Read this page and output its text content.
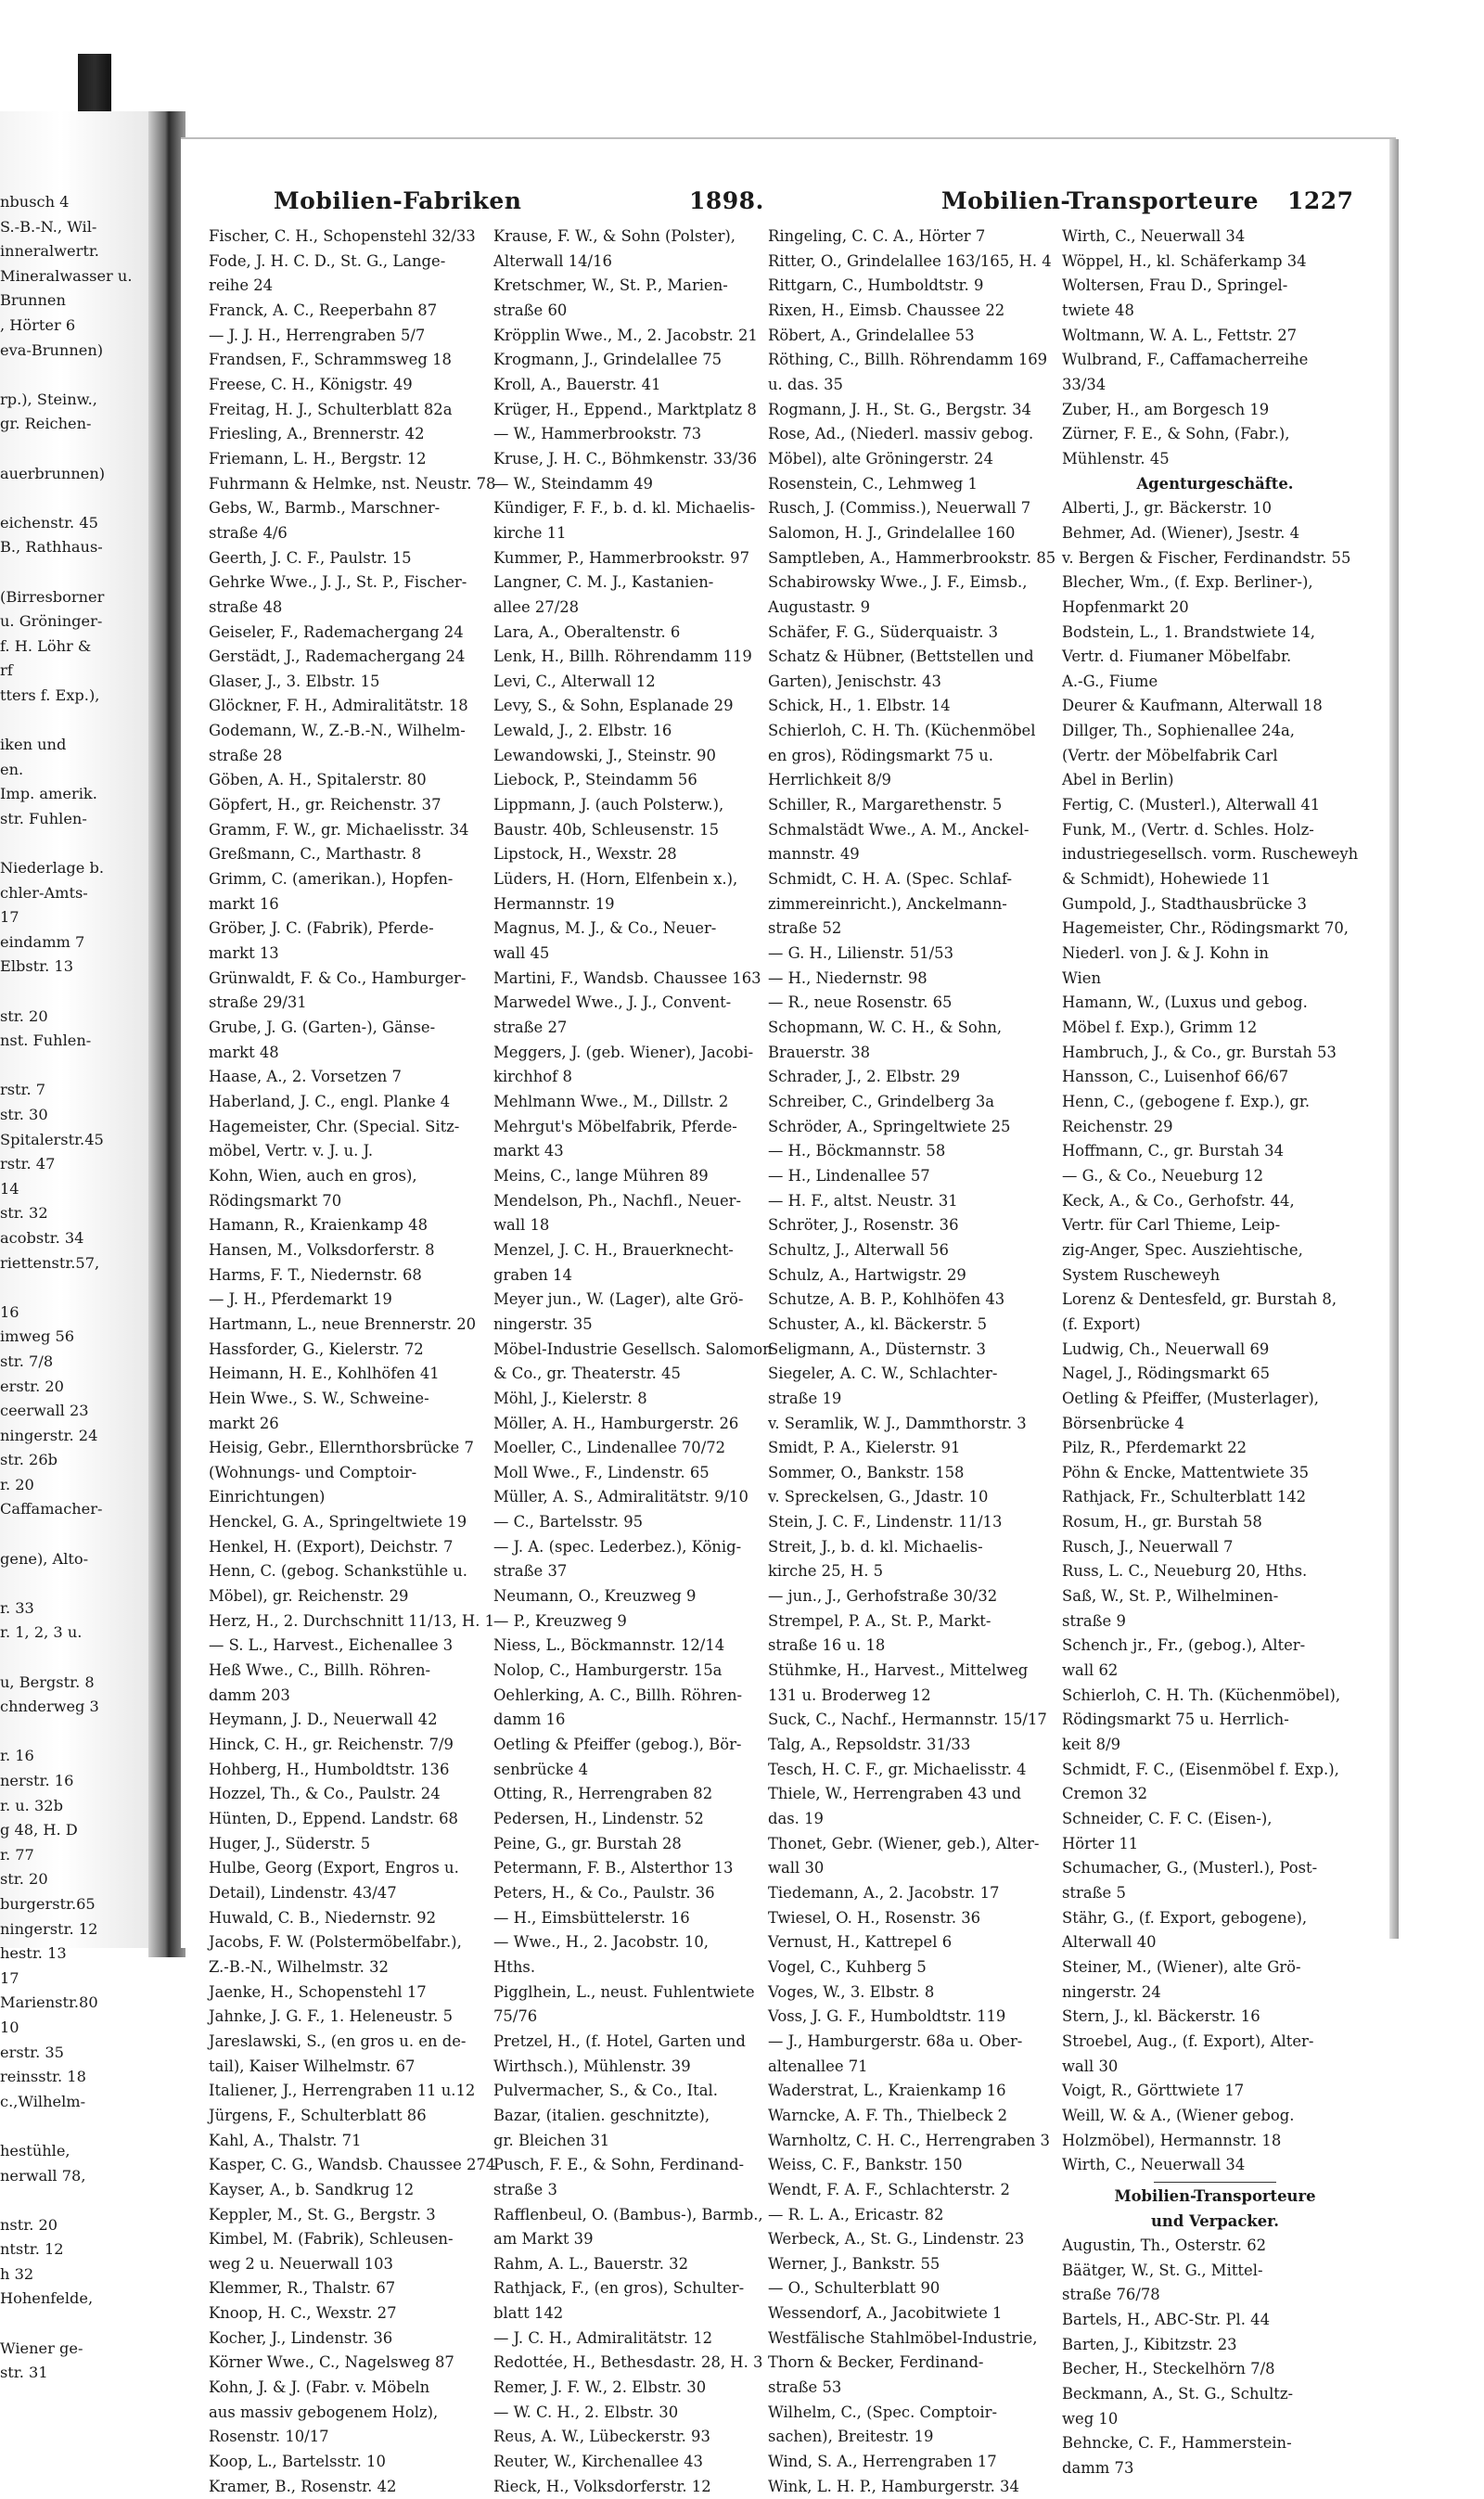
nbusch 4
S.-B.-N., Wil-
inneralwertr.
Mineralwasser u.
Brunnen
, Hörter 6
eva-Brunnen)

rp.), Steinw.,
gr. Reichen-

auerbrunnen)

eichenstr. 45
B., Rathhaus-

(Birresborner
u. Gröninger-
f. H. Löhr &
rf
tters f. Exp.),

iken und
en.
Imp. amerik.
str. Fuhlen-

Niederlage b.
chler-Amts-
17
eindamm 7
Elbstr. 13

str. 20
nst. Fuhlen-

rstr. 7
str. 30
Spitalerstr.45
rstr. 47
14
str. 32
acobstr. 34
riettenstr.57,

16
imweg 56
str. 7/8
erstr. 20
ceerwall 23
ningerstr. 24
str. 26b
r. 20
Caffamacher-

gene), Alto-

r. 33
r. 1, 2, 3 u.

u, Bergstr. 8
chnderweg 3

r. 16
nerstr. 16
r. u. 32b
g 48, H. D
r. 77
str. 20
burgerstr.65
ningerstr. 12
hestr. 13
17
Marienstr.80
10
erstr. 35
reinsstr. 18
c.,Wilhelm-

hestühle,
nerwall 78,

nstr. 20
ntstr. 12
h 32
Hohenfelde,

Wiener ge-
str. 31
Mobilien-Fabriken	1898.	Mobilien-Transporteure 1227
Fischer, C. H., Schopenstehl 32/33
Fode, J. H. C. D., St. G., Lange-
reihe 24
Franck, A. C., Reeperbahn 87
— J. J. H., Herrengraben 5/7
Frandsen, F., Schrammsweg 18
Freese, C. H., Königstr. 49
Freitag, H. J., Schulterblatt 82a
Friesling, A., Brennerstr. 42
Friemann, L. H., Bergstr. 12
Fuhrmann & Helmke, nst. Neustr. 78
Gebs, W., Barmb., Marschner-
straße 4/6
Geerth, J. C. F., Paulstr. 15
Gehrke Wwe., J. J., St. P., Fischer-
straße 48
Geiseler, F., Rademachergang 24
Gerstädt, J., Rademachergang 24
Glaser, J., 3. Elbstr. 15
Glöckner, F. H., Admiralitätstr. 18
Godemann, W., Z.-B.-N., Wilhelm-
straße 28
Göben, A. H., Spitalerstr. 80
Göpfert, H., gr. Reichenstr. 37
Gramm, F. W., gr. Michaelisstr. 34
Greßmann, C., Marthastr. 8
Grimm, C. (amerikan.), Hopfen-
markt 16
Gröber, J. C. (Fabrik), Pferde-
markt 13
Grünwaldt, F. & Co., Hamburger-
straße 29/31
Grube, J. G. (Garten-), Gänse-
markt 48
Haase, A., 2. Vorsetzen 7
Haberland, J. C., engl. Planke 4
Hagemeister, Chr. (Special. Sitz-
möbel, Vertr. v. J. u. J.
Kohn, Wien, auch en gros),
Rödingsmarkt 70
Hamann, R., Kraienkamp 48
Hansen, M., Volksdorferstr. 8
Harms, F. T., Niedernstr. 68
— J. H., Pferdemarkt 19
Hartmann, L., neue Brennerstr. 20
Hassforder, G., Kielerstr. 72
Heimann, H. E., Kohlhöfen 41
Hein Wwe., S. W., Schweine-
markt 26
Heisig, Gebr., Ellernthorsbrücke 7
(Wohnungs- und Comptoir-
Einrichtungen)
Henckel, G. A., Springeltwiete 19
Henkel, H. (Export), Deichstr. 7
Henn, C. (gebog. Schankstühle u.
Möbel), gr. Reichenstr. 29
Herz, H., 2. Durchschnitt 11/13, H. 1
— S. L., Harvest., Eichenallee 3
Heß Wwe., C., Billh. Röhren-
damm 203
Heymann, J. D., Neuerwall 42
Hinck, C. H., gr. Reichenstr. 7/9
Hohberg, H., Humboldtstr. 136
Hozzel, Th., & Co., Paulstr. 24
Hünten, D., Eppend. Landstr. 68
Huger, J., Süderstr. 5
Hulbe, Georg (Export, Engros u.
Detail), Lindenstr. 43/47
Huwald, C. B., Niedernstr. 92
Jacobs, F. W. (Polstermöbelfabr.),
Z.-B.-N., Wilhelmstr. 32
Jaenke, H., Schopenstehl 17
Jahnke, J. G. F., 1. Heleneustr. 5
Jareslawski, S., (en gros u. en de-
tail), Kaiser Wilhelmstr. 67
Italiener, J., Herrengraben 11 u.12
Jürgens, F., Schulterblatt 86
Kahl, A., Thalstr. 71
Kasper, C. G., Wandsb. Chaussee 274
Kayser, A., b. Sandkrug 12
Keppler, M., St. G., Bergstr. 3
Kimbel, M. (Fabrik), Schleusen-
weg 2 u. Neuerwall 103
Klemmer, R., Thalstr. 67
Knoop, H. C., Wexstr. 27
Kocher, J., Lindenstr. 36
Körner Wwe., C., Nagelsweg 87
Kohn, J. & J. (Fabr. v. Möbeln
aus massiv gebogenem Holz),
Rosenstr. 10/17
Koop, L., Bartelsstr. 10
Kramer, B., Rosenstr. 42
Krause, F. W., & Sohn (Polster),
Alterwall 14/16
Kretschmer, W., St. P., Marien-
straße 60
Kröpplin Wwe., M., 2. Jacobstr. 21
Krogmann, J., Grindelallee 75
Kroll, A., Bauerstr. 41
Krüger, H., Eppend., Marktplatz 8
— W., Hammerbrookstr. 73
Kruse, J. H. C., Böhmkenstr. 33/36
— W., Steindamm 49
Kündiger, F. F., b. d. kl. Michaelis-
kirche 11
Kummer, P., Hammerbrookstr. 97
Langner, C. M. J., Kastanien-
allee 27/28
Lara, A., Oberaltenstr. 6
Lenk, H., Billh. Röhrendamm 119
Levi, C., Alterwall 12
Levy, S., & Sohn, Esplanade 29
Lewald, J., 2. Elbstr. 16
Lewandowski, J., Steinstr. 90
Liebock, P., Steindamm 56
Lippmann, J. (auch Polsterw.),
Baustr. 40b, Schleusenstr. 15
Lipstock, H., Wexstr. 28
Lüders, H. (Horn, Elfenbein x.),
Hermannstr. 19
Magnus, M. J., & Co., Neuer-
wall 45
Martini, F., Wandsb. Chaussee 163
Marwedel Wwe., J. J., Convent-
straße 27
Meggers, J. (geb. Wiener), Jacobi-
kirchhof 8
Mehlmann Wwe., M., Dillstr. 2
Mehrgut's Möbelfabrik, Pferde-
markt 43
Meins, C., lange Mühren 89
Mendelson, Ph., Nachfl., Neuer-
wall 18
Menzel, J. C. H., Brauerknecht-
graben 14
Meyer jun., W. (Lager), alte Grö-
ningerstr. 35
Möbel-Industrie Gesellsch. Salomon
& Co., gr. Theaterstr. 45
Möhl, J., Kielerstr. 8
Möller, A. H., Hamburgerstr. 26
Moeller, C., Lindenallee 70/72
Moll Wwe., F., Lindenstr. 65
Müller, A. S., Admiralitätstr. 9/10
— C., Bartelsstr. 95
— J. A. (spec. Lederbez.), König-
straße 37
Neumann, O., Kreuzweg 9
— P., Kreuzweg 9
Niess, L., Böckmannstr. 12/14
Nolop, C., Hamburgerstr. 15a
Oehlerking, A. C., Billh. Röhren-
damm 16
Oetling & Pfeiffer (gebog.), Bör-
senbrücke 4
Otting, R., Herrengraben 82
Pedersen, H., Lindenstr. 52
Peine, G., gr. Burstah 28
Petermann, F. B., Alsterthor 13
Peters, H., & Co., Paulstr. 36
— H., Eimsbüttelerstr. 16
— Wwe., H., 2. Jacobstr. 10,
Hths.
Pigglhein, L., neust. Fuhlentwiete
75/76
Pretzel, H., (f. Hotel, Garten und
Wirthsch.), Mühlenstr. 39
Pulvermacher, S., & Co., Ital.
Bazar, (italien. geschnitzte),
gr. Bleichen 31
Pusch, F. E., & Sohn, Ferdinand-
straße 3
Rafflenbeul, O. (Bambus-), Barmb.,
am Markt 39
Rahm, A. L., Bauerstr. 32
Rathjack, F., (en gros), Schulter-
blatt 142
— J. C. H., Admiralitätstr. 12
Redottée, H., Bethesdastr. 28, H. 3
Remer, J. F. W., 2. Elbstr. 30
— W. C. H., 2. Elbstr. 30
Reus, A. W., Lübeckerstr. 93
Reuter, W., Kirchenallee 43
Rieck, H., Volksdorferstr. 12
Ringeling, C. C. A., Hörter 7
Ritter, O., Grindelallee 163/165, H. 4
Rittgarn, C., Humboldtstr. 9
Rixen, H., Eimsb. Chaussee 22
Röbert, A., Grindelallee 53
Röthing, C., Billh. Röhrendamm 169
u. das. 35
Rogmann, J. H., St. G., Bergstr. 34
Rose, Ad., (Niederl. massiv gebog.
Möbel), alte Gröningerstr. 24
Rosenstein, C., Lehmweg 1
Rusch, J. (Commiss.), Neuerwall 7
Salomon, H. J., Grindelallee 160
Samptleben, A., Hammerbrookstr. 85
Schabirowsky Wwe., J. F., Eimsb.,
Augustastr. 9
Schäfer, F. G., Süderquaistr. 3
Schatz & Hübner, (Bettstellen und
Garten), Jenischstr. 43
Schick, H., 1. Elbstr. 14
Schierloh, C. H. Th. (Küchenmöbel
en gros), Rödingsmarkt 75 u.
Herrlichkeit 8/9
Schiller, R., Margarethenstr. 5
Schmalstädt Wwe., A. M., Anckel-
mannstr. 49
Schmidt, C. H. A. (Spec. Schlaf-
zimmereinricht.), Anckelmann-
straße 52
— G. H., Lilienstr. 51/53
— H., Niedernstr. 98
— R., neue Rosenstr. 65
Schopmann, W. C. H., & Sohn,
Brauerstr. 38
Schrader, J., 2. Elbstr. 29
Schreiber, C., Grindelberg 3a
Schröder, A., Springeltwiete 25
— H., Böckmannstr. 58
— H., Lindenallee 57
— H. F., altst. Neustr. 31
Schröter, J., Rosenstr. 36
Schultz, J., Alterwall 56
Schulz, A., Hartwigstr. 29
Schutze, A. B. P., Kohlhöfen 43
Schuster, A., kl. Bäckerstr. 5
Seligmann, A., Düsternstr. 3
Siegeler, A. C. W., Schlachter-
straße 19
v. Seramlik, W. J., Dammthorstr. 3
Smidt, P. A., Kielerstr. 91
Sommer, O., Bankstr. 158
v. Spreckelsen, G., Jdastr. 10
Stein, J. C. F., Lindenstr. 11/13
Streit, J., b. d. kl. Michaelis-
kirche 25, H. 5
— jun., J., Gerhofstraße 30/32
Strempel, P. A., St. P., Markt-
straße 16 u. 18
Stühmke, H., Harvest., Mittelweg
131 u. Broderweg 12
Suck, C., Nachf., Hermannstr. 15/17
Talg, A., Repsoldstr. 31/33
Tesch, H. C. F., gr. Michaelisstr. 4
Thiele, W., Herrengraben 43 und
das. 19
Thonet, Gebr. (Wiener, geb.), Alter-
wall 30
Tiedemann, A., 2. Jacobstr. 17
Twiesel, O. H., Rosenstr. 36
Vernust, H., Kattrepel 6
Vogel, C., Kuhberg 5
Voges, W., 3. Elbstr. 8
Voss, J. G. F., Humboldtstr. 119
— J., Hamburgerstr. 68a u. Ober-
altenallee 71
Waderstrat, L., Kraienkamp 16
Warncke, A. F. Th., Thielbeck 2
Warnholtz, C. H. C., Herrengraben 3
Weiss, C. F., Bankstr. 150
Wendt, F. A. F., Schlachterstr. 2
— R. L. A., Ericastr. 82
Werbeck, A., St. G., Lindenstr. 23
Werner, J., Bankstr. 55
— O., Schulterblatt 90
Wessendorf, A., Jacobitwiete 1
Westfälische Stahlmöbel-Industrie,
Thorn & Becker, Ferdinand-
straße 53
Wilhelm, C., (Spec. Comptoir-
sachen), Breitestr. 19
Wind, S. A., Herrengraben 17
Wink, L. H. P., Hamburgerstr. 34
Wirth, C., Neuerwall 34
Wöppel, H., kl. Schäferkamp 34
Woltersen, Frau D., Springel-
twiete 48
Woltmann, W. A. L., Fettstr. 27
Wulbrand, F., Caffamacherreihe
33/34
Zuber, H., am Borgesch 19
Zürner, F. E., & Sohn, (Fabr.),
Mühlenstr. 45
Agenturgeschäfte.
Alberti, J., gr. Bäckerstr. 10
Behmer, Ad. (Wiener), Jsestr. 4
v. Bergen & Fischer, Ferdinandstr. 55
Blecher, Wm., (f. Exp. Berliner-),
Hopfenmarkt 20
Bodstein, L., 1. Brandstwiete 14,
Vertr. d. Fiumaner Möbelfabr.
A.-G., Fiume
Deurer & Kaufmann, Alterwall 18
Dillger, Th., Sophienallee 24a,
(Vertr. der Möbelfabrik Carl
Abel in Berlin)
Fertig, C. (Musterl.), Alterwall 41
Funk, M., (Vertr. d. Schles. Holz-
industriegesellsch. vorm. Ruscheweyh
& Schmidt), Hohewiede 11
Gumpold, J., Stadthausbrücke 3
Hagemeister, Chr., Rödingsmarkt 70,
Niederl. von J. & J. Kohn in
Wien
Hamann, W., (Luxus und gebog.
Möbel f. Exp.), Grimm 12
Hambruch, J., & Co., gr. Burstah 53
Hansson, C., Luisenhof 66/67
Henn, C., (gebogene f. Exp.), gr.
Reichenstr. 29
Hoffmann, C., gr. Burstah 34
— G., & Co., Neueburg 12
Keck, A., & Co., Gerhofstr. 44,
Vertr. für Carl Thieme, Leip-
zig-Anger, Spec. Ausziehtische,
System Ruscheweyh
Lorenz & Dentesfeld, gr. Burstah 8,
(f. Export)
Ludwig, Ch., Neuerwall 69
Nagel, J., Rödingsmarkt 65
Oetling & Pfeiffer, (Musterlager),
Börsenbrücke 4
Pilz, R., Pferdemarkt 22
Pöhn & Encke, Mattentwiete 35
Rathjack, Fr., Schulterblatt 142
Rosum, H., gr. Burstah 58
Rusch, J., Neuerwall 7
Russ, L. C., Neueburg 20, Hths.
Saß, W., St. P., Wilhelminen-
straße 9
Schench jr., Fr., (gebog.), Alter-
wall 62
Schierloh, C. H. Th. (Küchenmöbel),
Rödingsmarkt 75 u. Herrlich-
keit 8/9
Schmidt, F. C., (Eisenmöbel f. Exp.),
Cremon 32
Schneider, C. F. C. (Eisen-),
Hörter 11
Schumacher, G., (Musterl.), Post-
straße 5
Stähr, G., (f. Export, gebogene),
Alterwall 40
Steiner, M., (Wiener), alte Grö-
ningerstr. 24
Stern, J., kl. Bäckerstr. 16
Stroebel, Aug., (f. Export), Alter-
wall 30
Voigt, R., Görttwiete 17
Weill, W. & A., (Wiener gebog.
Holzmöbel), Hermannstr. 18
Wirth, C., Neuerwall 34
Mobilien-Transporteure
und Verpacker.
Augustin, Th., Osterstr. 62
Bäätger, W., St. G., Mittel-
straße 76/78
Bartels, H., ABC-Str. Pl. 44
Barten, J., Kibitzstr. 23
Becher, H., Steckelhörn 7/8
Beckmann, A., St. G., Schultz-
weg 10
Behncke, C. F., Hammerstein-
damm 73
